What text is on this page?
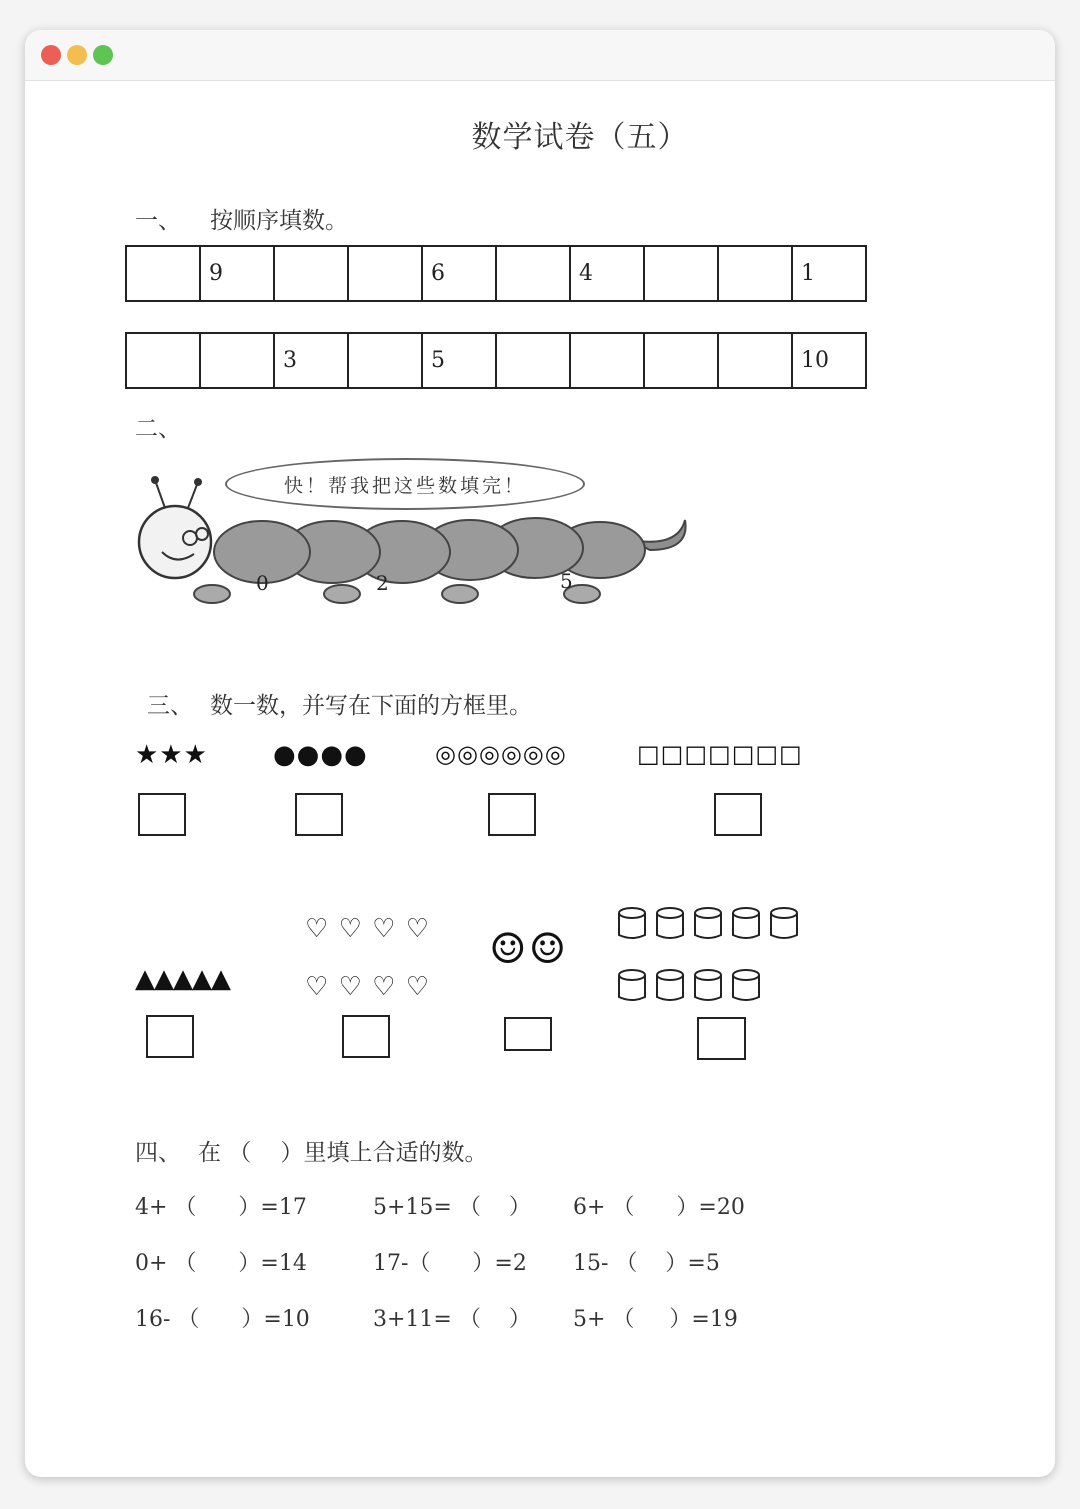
数学试卷（五）
一、 按顺序填数。
	9			6		4			1
		3		5					10
二、
快！帮我把这些数填完！
0	2	5
三、 数一数，并写在下面的方框里。
★★★	●●●●	◎◎◎◎◎◎	□□□□□□□
♡ ♡ ♡ ♡
♡ ♡ ♡ ♡
▲▲▲▲▲
☺☺
四、 在 （    ）里填上合适的数。
4+ （      ）=17	5+15= （    ） 6+ （      ）=20
0+ （      ）=14	17-（      ）=2 15- （    ）=5
16- （      ）=10	3+11= （    ） 5+ （     ）=19
